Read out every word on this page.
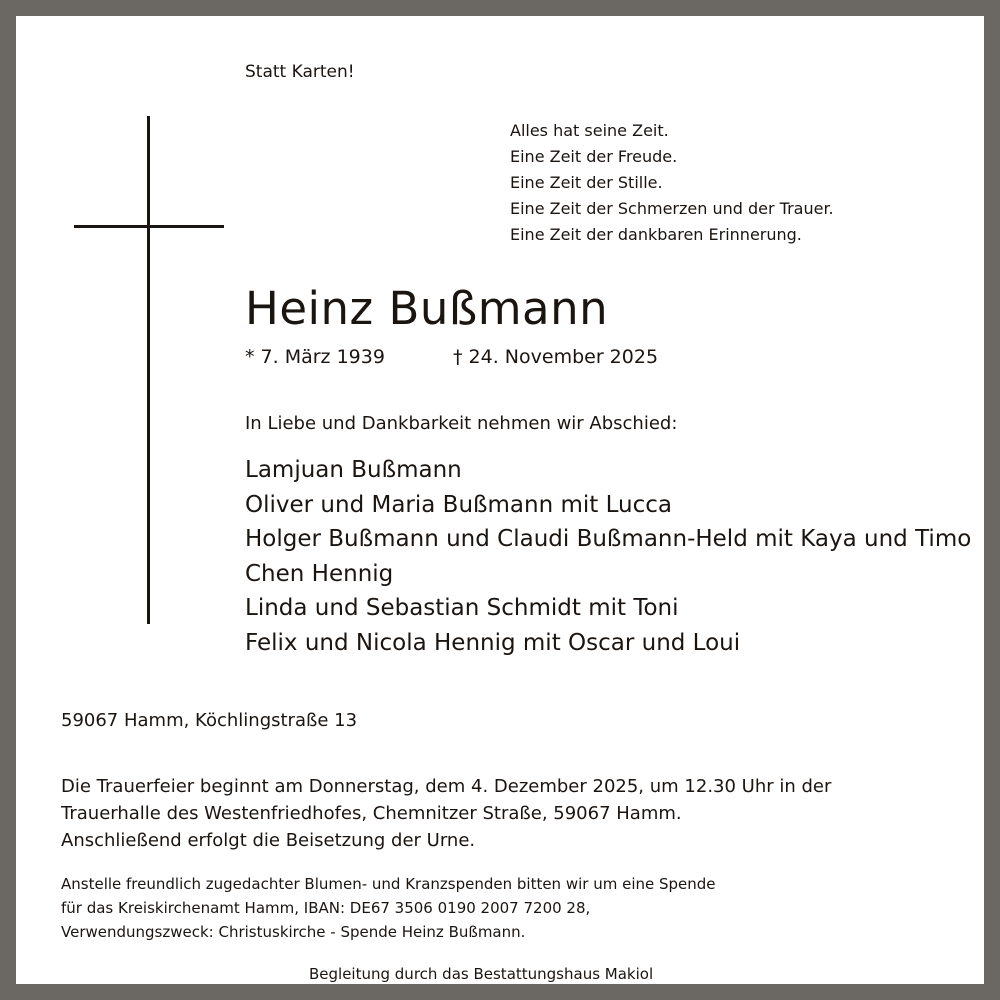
Statt Karten!
Alles hat seine Zeit.
Eine Zeit der Freude.
Eine Zeit der Stille.
Eine Zeit der Schmerzen und der Trauer.
Eine Zeit der dankbaren Erinnerung.
Heinz Bußmann
* 7. März 1939	† 24. November 2025
In Liebe und Dankbarkeit nehmen wir Abschied:
Lamjuan Bußmann
Oliver und Maria Bußmann mit Lucca
Holger Bußmann und Claudi Bußmann-Held mit Kaya und Timo
Chen Hennig
Linda und Sebastian Schmidt mit Toni
Felix und Nicola Hennig mit Oscar und Loui
59067 Hamm, Köchlingstraße 13
Die Trauerfeier beginnt am Donnerstag, dem 4. Dezember 2025, um 12.30 Uhr in der
Trauerhalle des Westenfriedhofes, Chemnitzer Straße, 59067 Hamm.
Anschließend erfolgt die Beisetzung der Urne.
Anstelle freundlich zugedachter Blumen- und Kranzspenden bitten wir um eine Spende
für das Kreiskirchenamt Hamm, IBAN: DE67 3506 0190 2007 7200 28,
Verwendungszweck: Christuskirche - Spende Heinz Bußmann.
Begleitung durch das Bestattungshaus Makiol
